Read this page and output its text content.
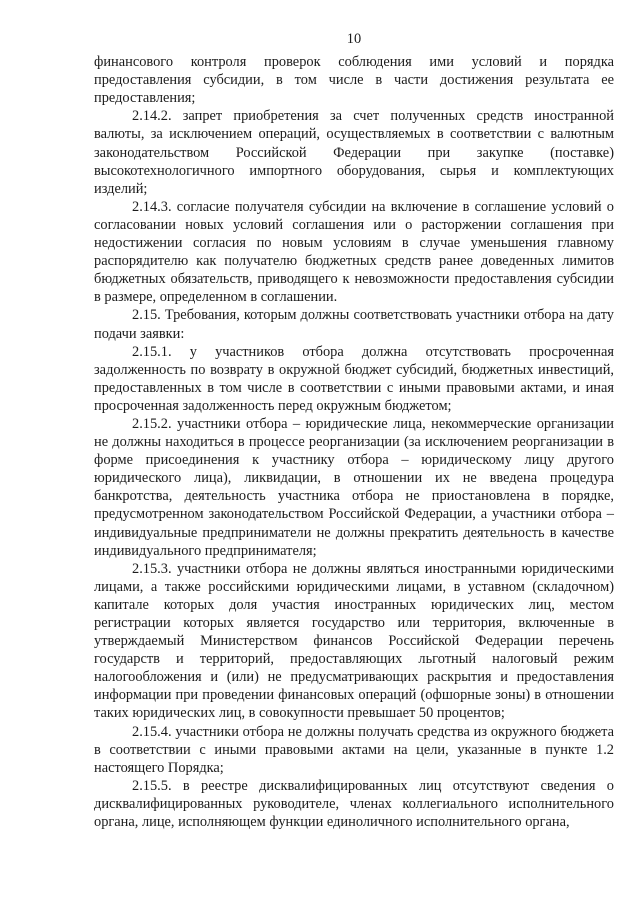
10

финансового контроля проверок соблюдения ими условий и порядка предоставления субсидии, в том числе в части достижения результата ее предоставления;

2.14.2. запрет приобретения за счет полученных средств иностранной валюты, за исключением операций, осуществляемых в соответствии с валютным законодательством Российской Федерации при закупке (поставке) высокотехнологичного импортного оборудования, сырья и комплектующих изделий;

2.14.3. согласие получателя субсидии на включение в соглашение условий о согласовании новых условий соглашения или о расторжении соглашения при недостижении согласия по новым условиям в случае уменьшения главному распорядителю как получателю бюджетных средств ранее доведенных лимитов бюджетных обязательств, приводящего к невозможности предоставления субсидии в размере, определенном в соглашении.

2.15. Требования, которым должны соответствовать участники отбора на дату подачи заявки:

2.15.1. у участников отбора должна отсутствовать просроченная задолженность по возврату в окружной бюджет субсидий, бюджетных инвестиций, предоставленных в том числе в соответствии с иными правовыми актами, и иная просроченная задолженность перед окружным бюджетом;

2.15.2. участники отбора – юридические лица, некоммерческие организации не должны находиться в процессе реорганизации (за исключением реорганизации в форме присоединения к участнику отбора – юридическому лицу другого юридического лица), ликвидации, в отношении их не введена процедура банкротства, деятельность участника отбора не приостановлена в порядке, предусмотренном законодательством Российской Федерации, а участники отбора – индивидуальные предприниматели не должны прекратить деятельность в качестве индивидуального предпринимателя;

2.15.3. участники отбора не должны являться иностранными юридическими лицами, а также российскими юридическими лицами, в уставном (складочном) капитале которых доля участия иностранных юридических лиц, местом регистрации которых является государство или территория, включенные в утверждаемый Министерством финансов Российской Федерации перечень государств и территорий, предоставляющих льготный налоговый режим налогообложения и (или) не предусматривающих раскрытия и предоставления информации при проведении финансовых операций (офшорные зоны) в отношении таких юридических лиц, в совокупности превышает 50 процентов;

2.15.4. участники отбора не должны получать средства из окружного бюджета в соответствии с иными правовыми актами на цели, указанные в пункте 1.2 настоящего Порядка;

2.15.5. в реестре дисквалифицированных лиц отсутствуют сведения о дисквалифицированных руководителе, членах коллегиального исполнительного органа, лице, исполняющем функции единоличного исполнительного органа,
